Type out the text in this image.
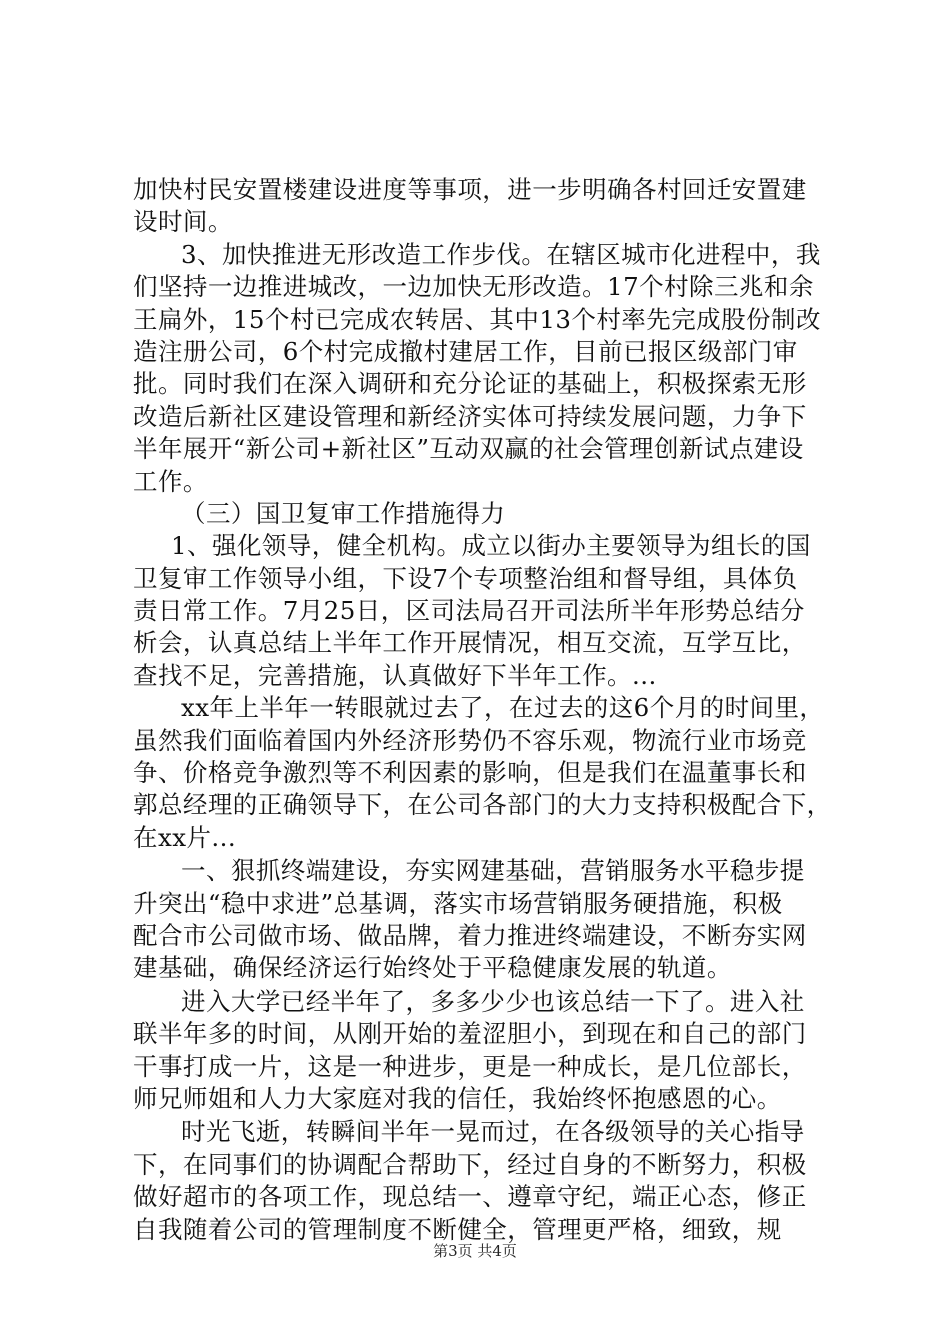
加快村民安置楼建设进度等事项，进一步明确各村回迁安置建
设时间。
3、加快推进无形改造工作步伐。在辖区城市化进程中，我
们坚持一边推进城改，一边加快无形改造。17个村除三兆和余
王扁外，15个村已完成农转居、其中13个村率先完成股份制改
造注册公司，6个村完成撤村建居工作，目前已报区级部门审
批。同时我们在深入调研和充分论证的基础上，积极探索无形
改造后新社区建设管理和新经济实体可持续发展问题，力争下
半年展开“新公司+新社区”互动双赢的社会管理创新试点建设
工作。
（三）国卫复审工作措施得力
1、强化领导，健全机构。成立以街办主要领导为组长的国
卫复审工作领导小组，下设7个专项整治组和督导组，具体负
责日常工作。7月25日，区司法局召开司法所半年形势总结分
析会，认真总结上半年工作开展情况，相互交流，互学互比，
查找不足，完善措施，认真做好下半年工作。...
xx年上半年一转眼就过去了，在过去的这6个月的时间里，
虽然我们面临着国内外经济形势仍不容乐观，物流行业市场竞
争、价格竞争激烈等不利因素的影响，但是我们在温董事长和
郭总经理的正确领导下，在公司各部门的大力支持积极配合下，
在xx片...
一、狠抓终端建设，夯实网建基础，营销服务水平稳步提
升突出“稳中求进”总基调，落实市场营销服务硬措施，积极
配合市公司做市场、做品牌，着力推进终端建设，不断夯实网
建基础，确保经济运行始终处于平稳健康发展的轨道。
进入大学已经半年了，多多少少也该总结一下了。进入社
联半年多的时间，从刚开始的羞涩胆小，到现在和自己的部门
干事打成一片，这是一种进步，更是一种成长，是几位部长，
师兄师姐和人力大家庭对我的信任，我始终怀抱感恩的心。
时光飞逝，转瞬间半年一晃而过，在各级领导的关心指导
下，在同事们的协调配合帮助下，经过自身的不断努力，积极
做好超市的各项工作，现总结一、遵章守纪，端正心态，修正
自我随着公司的管理制度不断健全，管理更严格，细致，规
第3页 共4页
